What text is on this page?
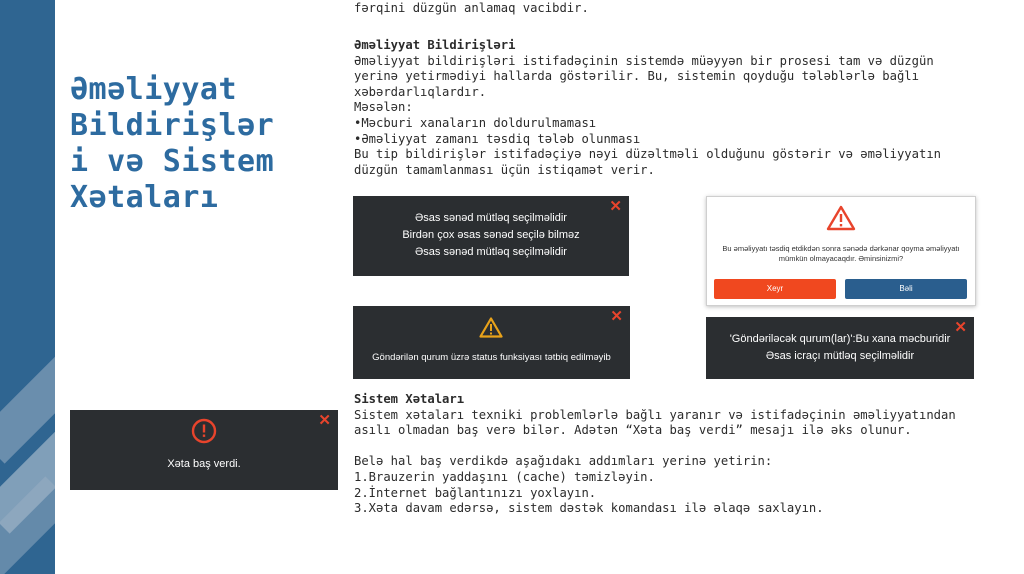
Əməliyyat
Bildirişlər
i və Sistem
Xətaları
fərqini düzgün anlamaq vacibdir.
Əməliyyat Bildirişləri
Əməliyyat bildirişləri istifadəçinin sistemdə müəyyən bir prosesi tam və düzgün
yerinə yetirmədiyi hallarda göstərilir. Bu, sistemin qoyduğu tələblərlə bağlı
xəbərdarlıqlardır.
Məsələn:
•Məcburi xanaların doldurulmaması
•Əməliyyat zamanı təsdiq tələb olunması
Bu tip bildirişlər istifadəçiyə nəyi düzəltməli olduğunu göstərir və əməliyyatın
düzgün tamamlanması üçün istiqamət verir.
✕
Əsas sənəd mütləq seçilməlidir
Birdən çox əsas sənəd seçilə bilməz
Əsas sənəd mütləq seçilməlidir	Bu əməliyyatı təsdiq etdikdən sonra sənədə dərkənar qoyma əməliyyatı
mümkün olmayacaqdır. Əminsinizmi?
Xeyr	Bəli
✕
Göndərilən qurum üzrə status funksiyası tətbiq edilməyib
✕
'Göndəriləcək qurum(lar)':Bu xana məcburidir
Əsas icraçı mütləq seçilməlidir
Sistem Xətaları
Sistem xətaları texniki problemlərlə bağlı yaranır və istifadəçinin əməliyyatından
asılı olmadan baş verə bilər. Adətən “Xəta baş verdi” mesajı ilə əks olunur.
Belə hal baş verdikdə aşağıdakı addımları yerinə yetirin:
1.Brauzerin yaddaşını (cache) təmizləyin.
2.İnternet bağlantınızı yoxlayın.
3.Xəta davam edərsə, sistem dəstək komandası ilə əlaqə saxlayın.
✕
Xəta baş verdi.
